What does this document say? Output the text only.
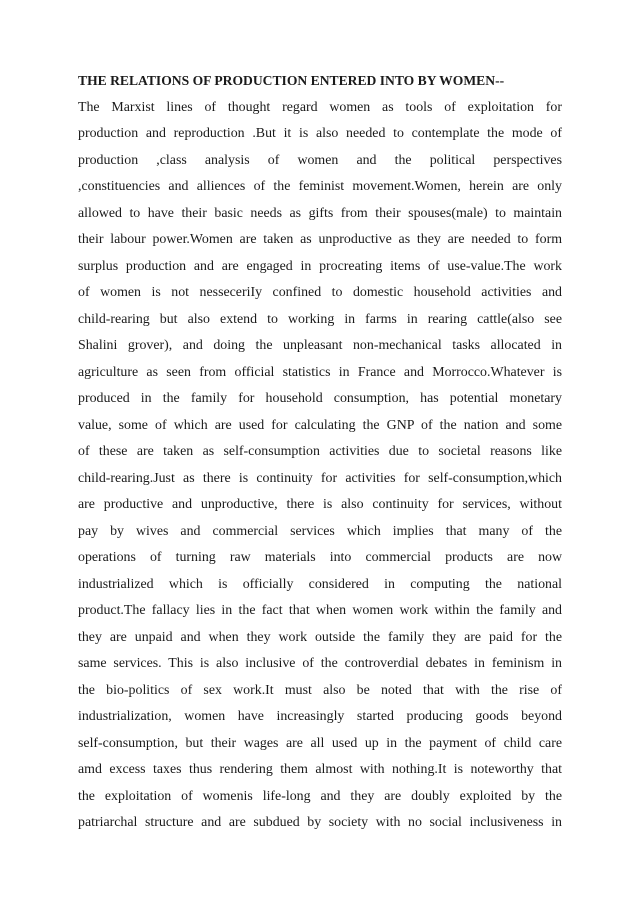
THE RELATIONS OF PRODUCTION ENTERED INTO BY WOMEN--

The Marxist lines of thought regard women as tools of exploitation for

production and reproduction .But it is also needed to contemplate the mode of

production ,class analysis of women and the political perspectives

,constituencies and alliences of the feminist movement.Women, herein are only

allowed to have their basic needs as gifts from their spouses(male) to maintain

their labour power.Women are taken as unproductive as they are needed to form

surplus production and are engaged in procreating items of use-value.The work

of women is not nesseceriIy confined to domestic household activities and

child-rearing but also extend to working in farms in rearing cattle(also see

Shalini grover), and doing the unpleasant non-mechanical tasks allocated in

agriculture as seen from official statistics in France and Morrocco.Whatever is

produced in the family for household consumption, has potential monetary

value, some of which are used for calculating the GNP of the nation and some

of these are taken as self-consumption activities due to societal reasons like

child-rearing.Just as there is continuity for activities for self-consumption,which

are productive and unproductive, there is also continuity for services, without

pay by wives and commercial services which implies that many of the

operations of turning raw materials into commercial products are now

industrialized which is officially considered in computing the national

product.The fallacy lies in the fact that when women work within the family and

they are unpaid and when they work outside the family they are paid for the

same services. This is also inclusive of the controverdial debates in feminism in

the bio-politics of sex work.It must also be noted that with the rise of

industrialization, women have increasingly started producing goods beyond

self-consumption, but their wages are all used up in the payment of child care

amd excess taxes thus rendering them almost with nothing.It is noteworthy that

the exploitation of womenis life-long and they are doubly exploited by the

patriarchal structure and are subdued by society with no social inclusiveness in
